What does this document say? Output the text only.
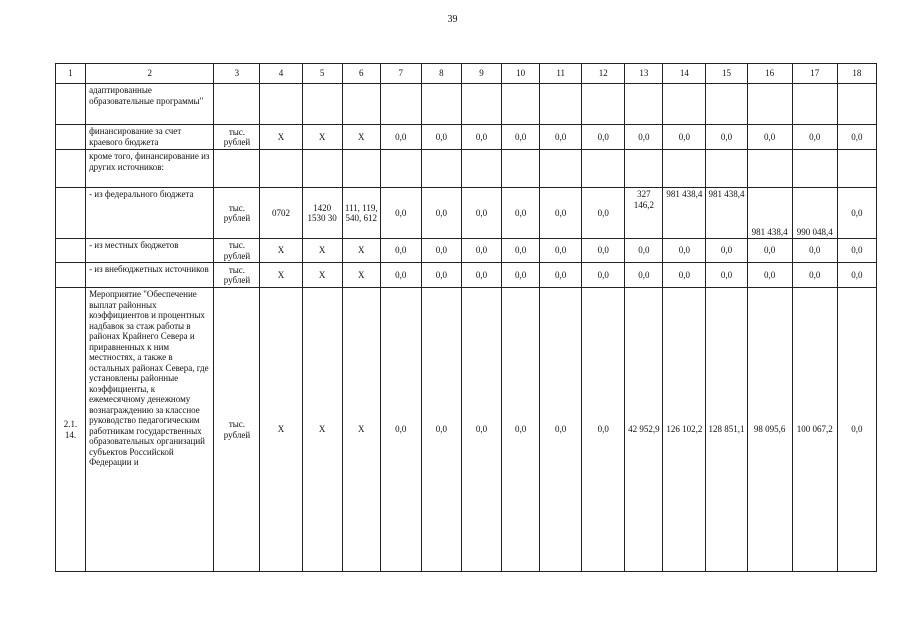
39
1	2	3	4	5	6	7	8	9	10	11	12	13	14	15	16	17	18
	адаптированные образовательные программы"																
	финансирование за счет краевого бюджета	тыс. рублей	Х	Х	Х	0,0	0,0	0,0	0,0	0,0	0,0	0,0	0,0	0,0	0,0	0,0	0,0
	кроме того, финансирование из других источников:																
	- из федерального бюджета	тыс. рублей	0702	1420 1530 30	111, 119, 540, 612	0,0	0,0	0,0	0,0	0,0	0,0	327 146,2	981 438,4	981 438,4	981 438,4	990 048,4	0,0
	- из местных бюджетов	тыс. рублей	Х	Х	Х	0,0	0,0	0,0	0,0	0,0	0,0	0,0	0,0	0,0	0,0	0,0	0,0
	- из внебюджетных источников	тыс. рублей	Х	Х	Х	0,0	0,0	0,0	0,0	0,0	0,0	0,0	0,0	0,0	0,0	0,0	0,0
2.1. 14.	Мероприятие "Обеспечение выплат районных коэффициентов и процентных надбавок за стаж работы в районах Крайнего Севера и приравненных к ним местностях, а также в остальных районах Севера, где установлены районные коэффициенты, к ежемесячному денежному вознаграждению за классное руководство педагогическим работникам государственных образовательных организаций субъектов Российской Федерации и	тыс. рублей	Х	Х	Х	0,0	0,0	0,0	0,0	0,0	0,0	42 952,9	126 102,2	128 851,1	98 095,6	100 067,2	0,0
